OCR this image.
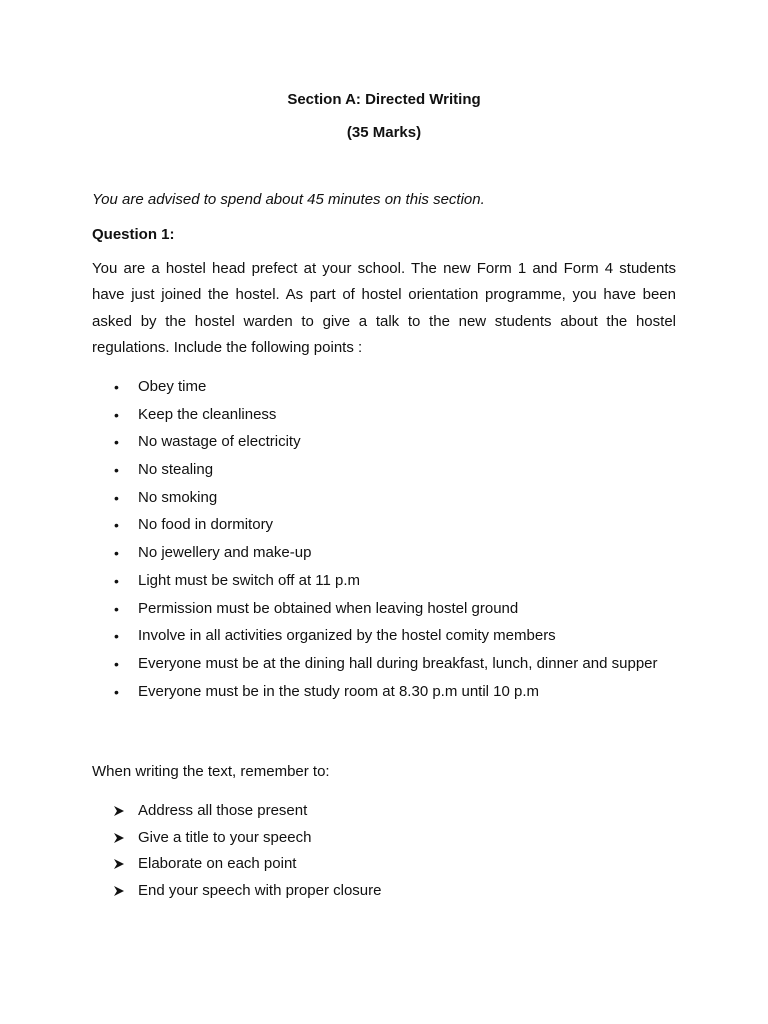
Section A: Directed Writing
(35 Marks)
You are advised to spend about 45 minutes on this section.
Question 1:
You are a hostel head prefect at your school. The new Form 1 and Form 4 students
have just joined the hostel. As part of hostel orientation programme, you have been
asked by the hostel warden to give a talk to the new students about the hostel
regulations. Include the following points :
• Obey time
• Keep the cleanliness
• No wastage of electricity
• No stealing
• No smoking
• No food in dormitory
• No jewellery and make-up
• Light must be switch off at 11 p.m
• Permission must be obtained when leaving hostel ground
• Involve in all activities organized by the hostel comity members
• Everyone must be at the dining hall during breakfast, lunch, dinner and supper
• Everyone must be in the study room at 8.30 p.m until 10 p.m
When writing the text, remember to:
Address all those present
Give a title to your speech
Elaborate on each point
End your speech with proper closure
